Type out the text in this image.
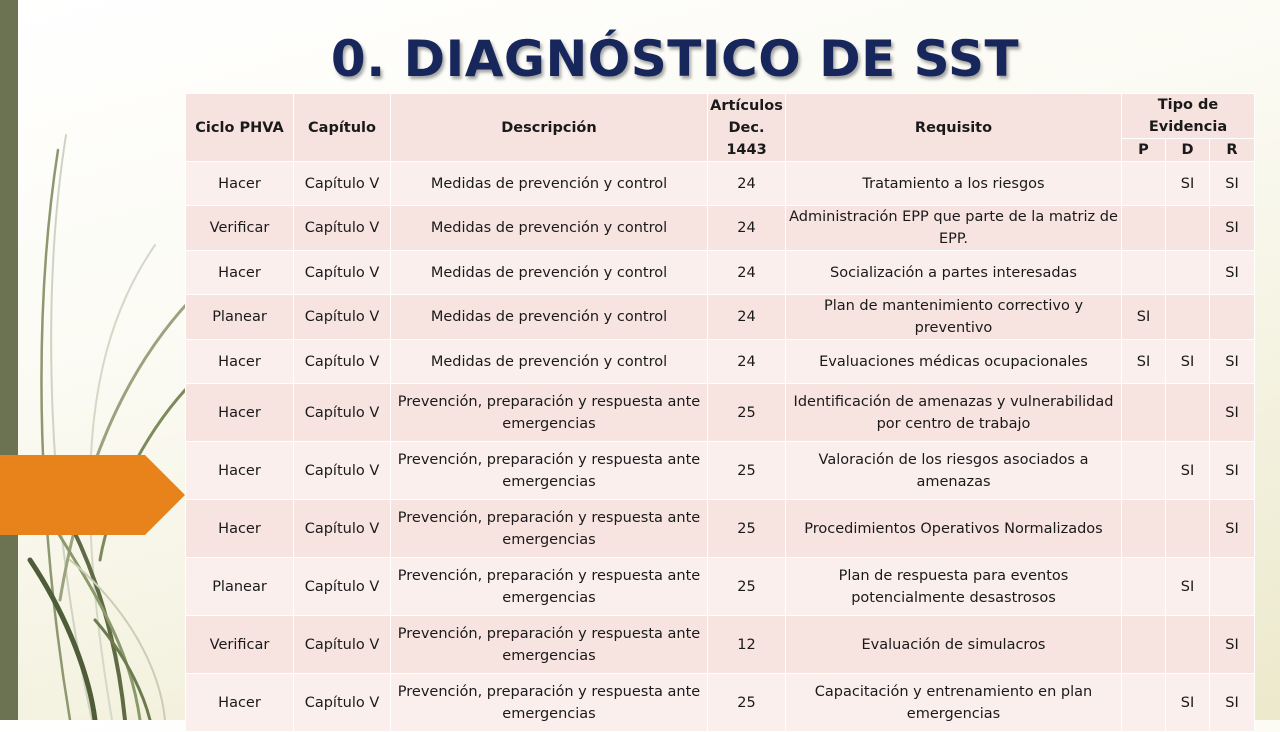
0. DIAGNÓSTICO DE SST
Ciclo PHVA	Capítulo	Descripción	Artículos Dec. 1443	Requisito	Tipo de Evidencia		
					P	D	R
Hacer	Capítulo V	Medidas de prevención y control	24	Tratamiento a los riesgos		SI	SI
Verificar	Capítulo V	Medidas de prevención y control	24	Administración EPP que parte de la matriz de EPP.			SI
Hacer	Capítulo V	Medidas de prevención y control	24	Socialización a partes interesadas			SI
Planear	Capítulo V	Medidas de prevención y control	24	Plan de mantenimiento correctivo y preventivo	SI		
Hacer	Capítulo V	Medidas de prevención y control	24	Evaluaciones médicas ocupacionales	SI	SI	SI
Hacer	Capítulo V	Prevención, preparación y respuesta ante emergencias	25	Identificación de amenazas y vulnerabilidad por centro de trabajo			SI
Hacer	Capítulo V	Prevención, preparación y respuesta ante emergencias	25	Valoración de los riesgos asociados a amenazas		SI	SI
Hacer	Capítulo V	Prevención, preparación y respuesta ante emergencias	25	Procedimientos Operativos Normalizados			SI
Planear	Capítulo V	Prevención, preparación y respuesta ante emergencias	25	Plan de respuesta para eventos potencialmente desastrosos		SI	
Verificar	Capítulo V	Prevención, preparación y respuesta ante emergencias	12	Evaluación de simulacros			SI
Hacer	Capítulo V	Prevención, preparación y respuesta ante emergencias	25	Capacitación y entrenamiento en plan emergencias		SI	SI
